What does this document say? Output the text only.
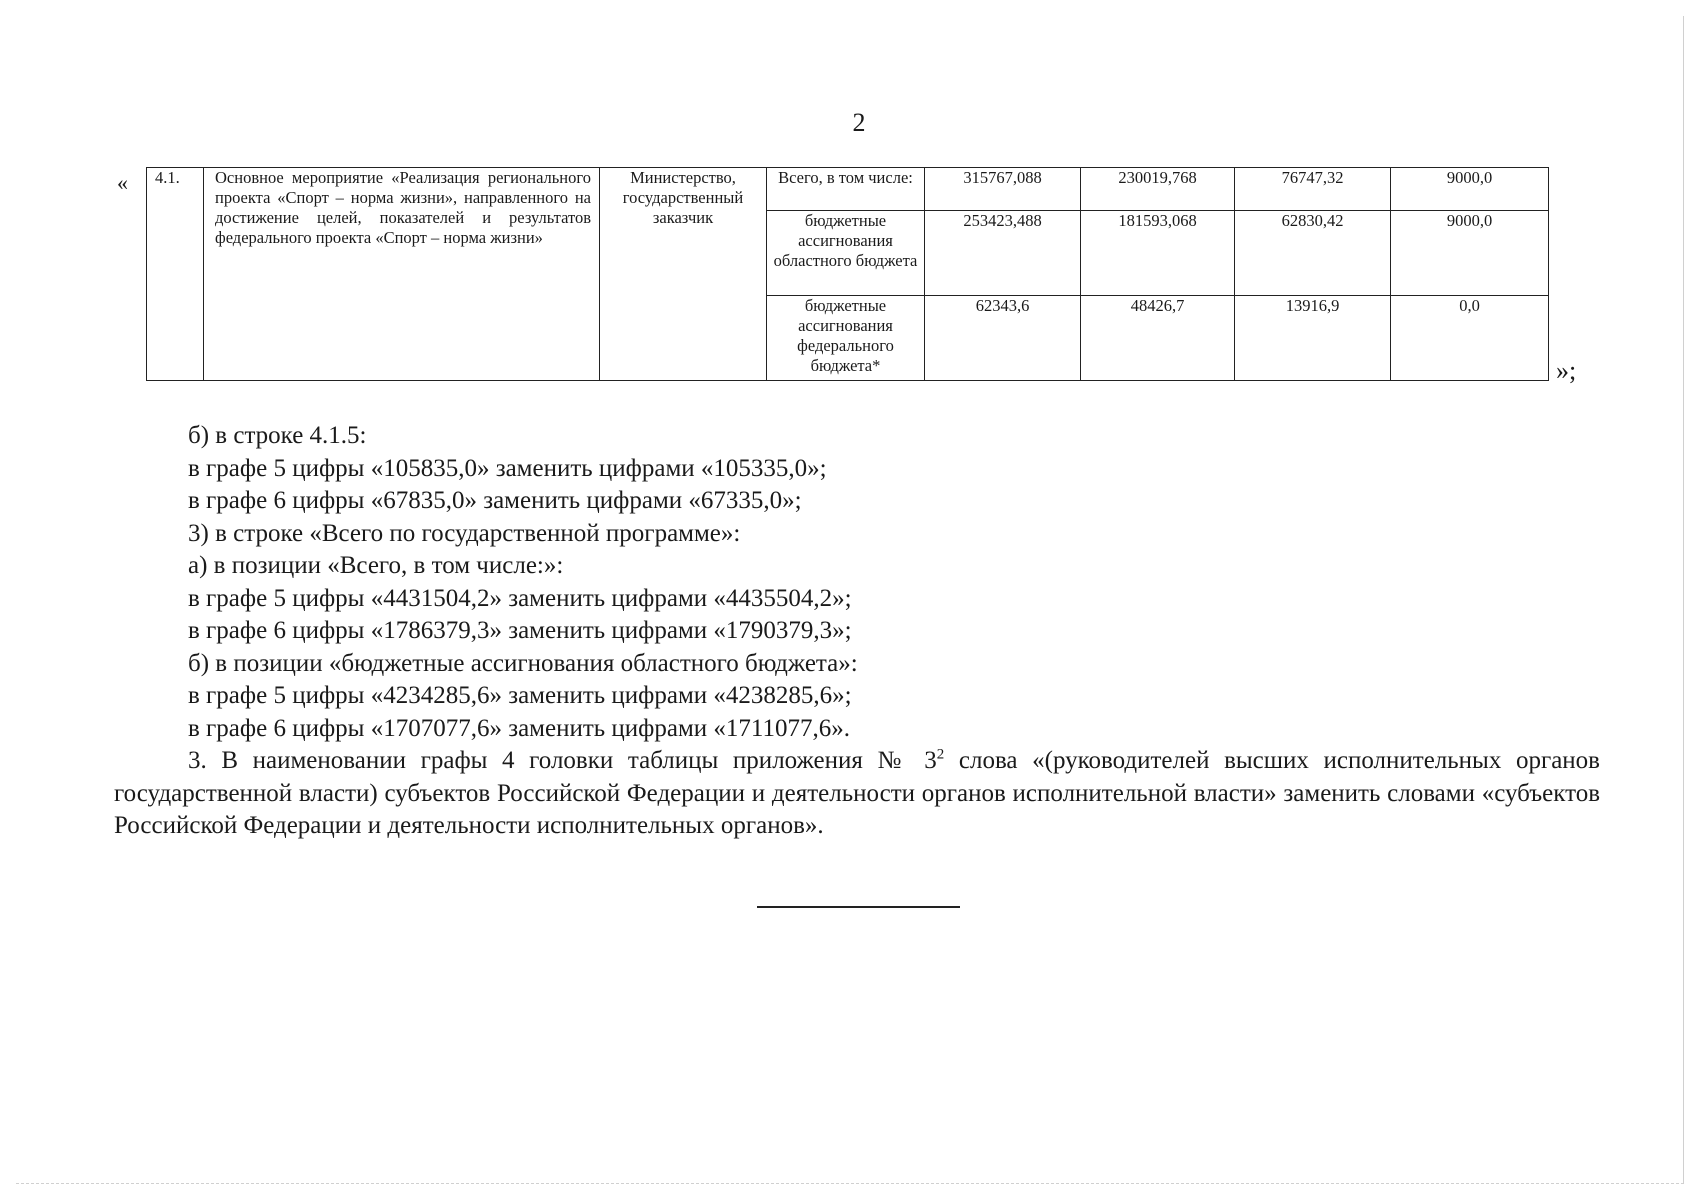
2
« 4.1.	Основное мероприятие «Реализация регионального проекта «Спорт – норма жизни», направленного на достижение целей, показателей и результатов федерального проекта «Спорт – норма жизни»	Министерство, государственный заказчик	Всего, в том числе:	315767,088	230019,768	76747,32	9000,0
			бюджетные ассигнования областного бюджета	253423,488	181593,068	62830,42	9000,0
			бюджетные ассигнования федерального бюджета*	62343,6	48426,7	13916,9	0,0
»;

б) в строке 4.1.5:

в графе 5 цифры «105835,0» заменить цифрами «105335,0»;

в графе 6 цифры «67835,0» заменить цифрами «67335,0»;

3) в строке «Всего по государственной программе»:

а) в позиции «Всего, в том числе:»:

в графе 5 цифры «4431504,2» заменить цифрами «4435504,2»;

в графе 6 цифры «1786379,3» заменить цифрами «1790379,3»;

б) в позиции «бюджетные ассигнования областного бюджета»:

в графе 5 цифры «4234285,6» заменить цифрами «4238285,6»;

в графе 6 цифры «1707077,6» заменить цифрами «1711077,6».

3. В наименовании графы 4 головки таблицы приложения № $3^2$ слова «(руководителей высших исполнительных органов государственной власти) субъектов Российской Федерации и деятельности органов исполнительной власти» заменить словами «субъектов Российской Федерации и деятельности исполнительных органов».
